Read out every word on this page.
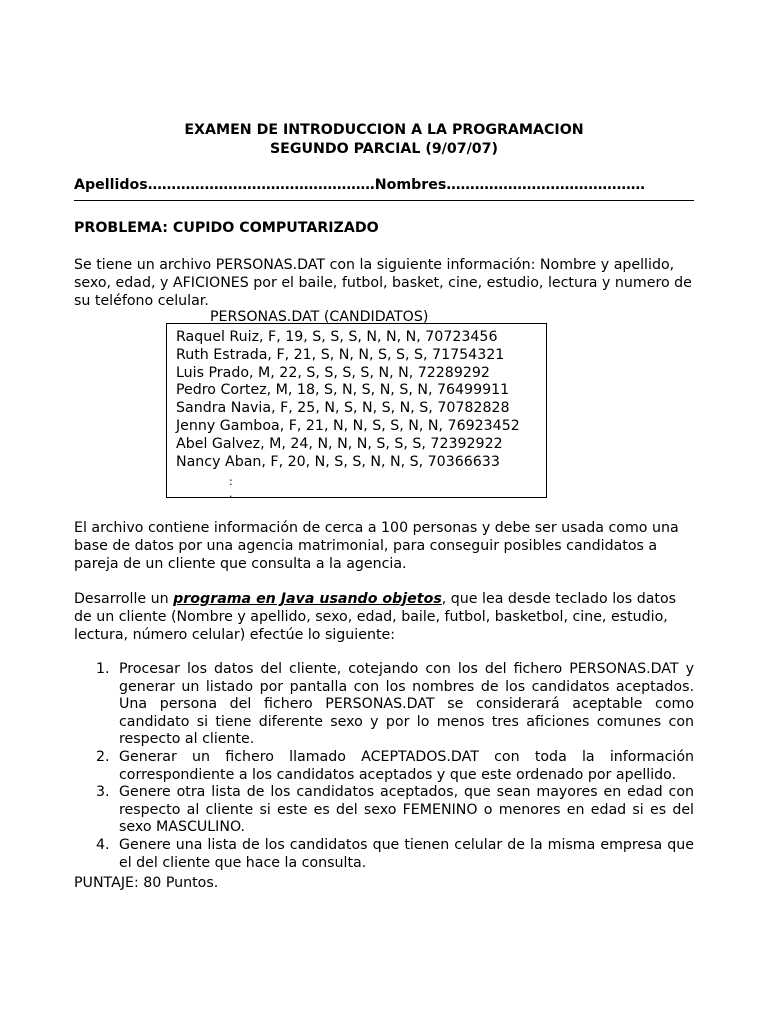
EXAMEN DE INTRODUCCION A LA PROGRAMACION
SEGUNDO PARCIAL (9/07/07)
Apellidos…………………………………………Nombres……………………………………
PROBLEMA: CUPIDO COMPUTARIZADO
Se tiene un archivo PERSONAS.DAT con la siguiente información: Nombre y apellido, sexo, edad, y AFICIONES por el baile, futbol, basket, cine, estudio, lectura y numero de su teléfono celular.
PERSONAS.DAT (CANDIDATOS)
Raquel Ruiz, F, 19, S, S, S, N, N, N, 70723456
Ruth Estrada, F, 21, S, N, N, S, S, S, 71754321
Luis Prado, M, 22, S, S, S, S, N, N, 72289292
Pedro Cortez, M, 18, S, N, S, N, S, N, 76499911
Sandra Navia, F, 25, N, S, N, S, N, S, 70782828
Jenny Gamboa, F, 21, N, N, S, S, N, N, 76923452
Abel Galvez, M, 24, N, N, N, S, S, S, 72392922
Nancy Aban, F, 20, N, S, S, N, N, S, 70366633
:
.
El archivo contiene información de cerca a 100 personas y debe ser usada como una base de datos por una agencia matrimonial, para conseguir posibles candidatos a pareja de un cliente que consulta a la agencia.
Desarrolle un programa en Java usando objetos, que lea desde teclado los datos de un cliente (Nombre y apellido, sexo, edad, baile, futbol, basketbol, cine, estudio, lectura, número celular) efectúe lo siguiente:
1. Procesar los datos del cliente, cotejando con los del fichero PERSONAS.DAT y generar un listado por pantalla con los nombres de los candidatos aceptados. Una persona del fichero PERSONAS.DAT se considerará aceptable como candidato si tiene diferente sexo y por lo menos tres aficiones comunes con respecto al cliente.
2. Generar un fichero llamado ACEPTADOS.DAT con toda la información correspondiente a los candidatos aceptados y que este ordenado por apellido.
3. Genere otra lista de los candidatos aceptados, que sean mayores en edad con respecto al cliente si este es del sexo FEMENINO o menores en edad si es del sexo MASCULINO.
4. Genere una lista de los candidatos que tienen celular de la misma empresa que el del cliente que hace la consulta.
PUNTAJE: 80 Puntos.
